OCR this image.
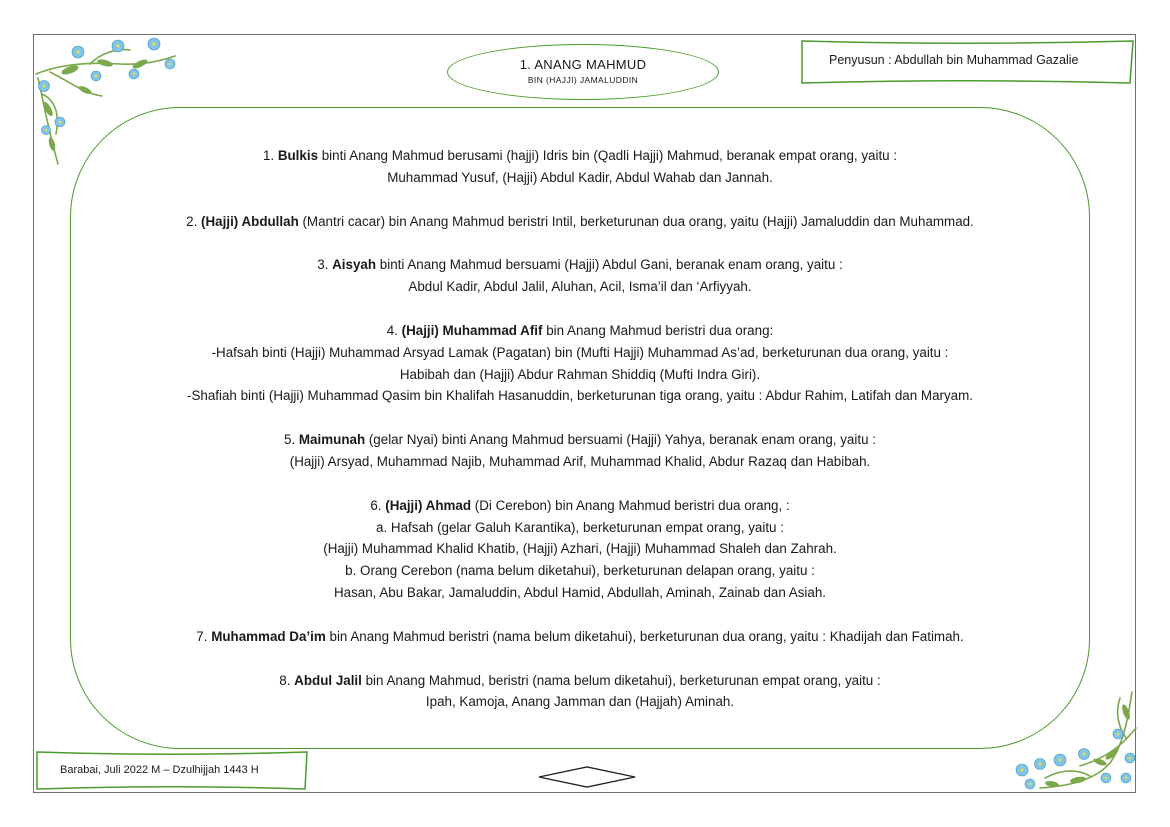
1. ANANG MAHMUD
BIN (HAJJI) JAMALUDDIN
Penyusun : Abdullah bin Muhammad Gazalie

1. Bulkis binti Anang Mahmud berusami (hajji) Idris bin (Qadli Hajji) Mahmud, beranak empat orang, yaitu :

Muhammad Yusuf, (Hajji) Abdul Kadir, Abdul Wahab dan Jannah.

2. (Hajji) Abdullah (Mantri cacar) bin Anang Mahmud beristri Intil, berketurunan dua orang, yaitu (Hajji) Jamaluddin dan Muhammad.

3. Aisyah binti Anang Mahmud bersuami (Hajji) Abdul Gani, beranak enam orang, yaitu :

Abdul Kadir, Abdul Jalil, Aluhan, Acil, Isma’il dan ‘Arfiyyah.

4. (Hajji) Muhammad Afif bin Anang Mahmud beristri dua orang:

-Hafsah binti (Hajji) Muhammad Arsyad Lamak (Pagatan) bin (Mufti Hajji) Muhammad As’ad, berketurunan dua orang, yaitu :

Habibah dan (Hajji) Abdur Rahman Shiddiq (Mufti Indra Giri).

-Shafiah binti (Hajji) Muhammad Qasim bin Khalifah Hasanuddin, berketurunan tiga orang, yaitu : Abdur Rahim, Latifah dan Maryam.

5. Maimunah (gelar Nyai) binti Anang Mahmud bersuami (Hajji) Yahya, beranak enam orang, yaitu :

(Hajji) Arsyad, Muhammad Najib, Muhammad Arif, Muhammad Khalid, Abdur Razaq dan Habibah.

6. (Hajji) Ahmad (Di Cerebon) bin Anang Mahmud beristri dua orang, :

a. Hafsah (gelar Galuh Karantika), berketurunan empat orang, yaitu :

(Hajji) Muhammad Khalid Khatib, (Hajji) Azhari, (Hajji) Muhammad Shaleh dan Zahrah.

b. Orang Cerebon (nama belum diketahui), berketurunan delapan orang, yaitu :

Hasan, Abu Bakar, Jamaluddin, Abdul Hamid, Abdullah, Aminah, Zainab dan Asiah.

7. Muhammad Da’im bin Anang Mahmud beristri (nama belum diketahui), berketurunan dua orang, yaitu : Khadijah dan Fatimah.

8. Abdul Jalil bin Anang Mahmud, beristri (nama belum diketahui), berketurunan empat orang, yaitu :

Ipah, Kamoja, Anang Jamman dan (Hajjah) Aminah.

Barabai, Juli 2022 M – Dzulhijjah 1443 H
